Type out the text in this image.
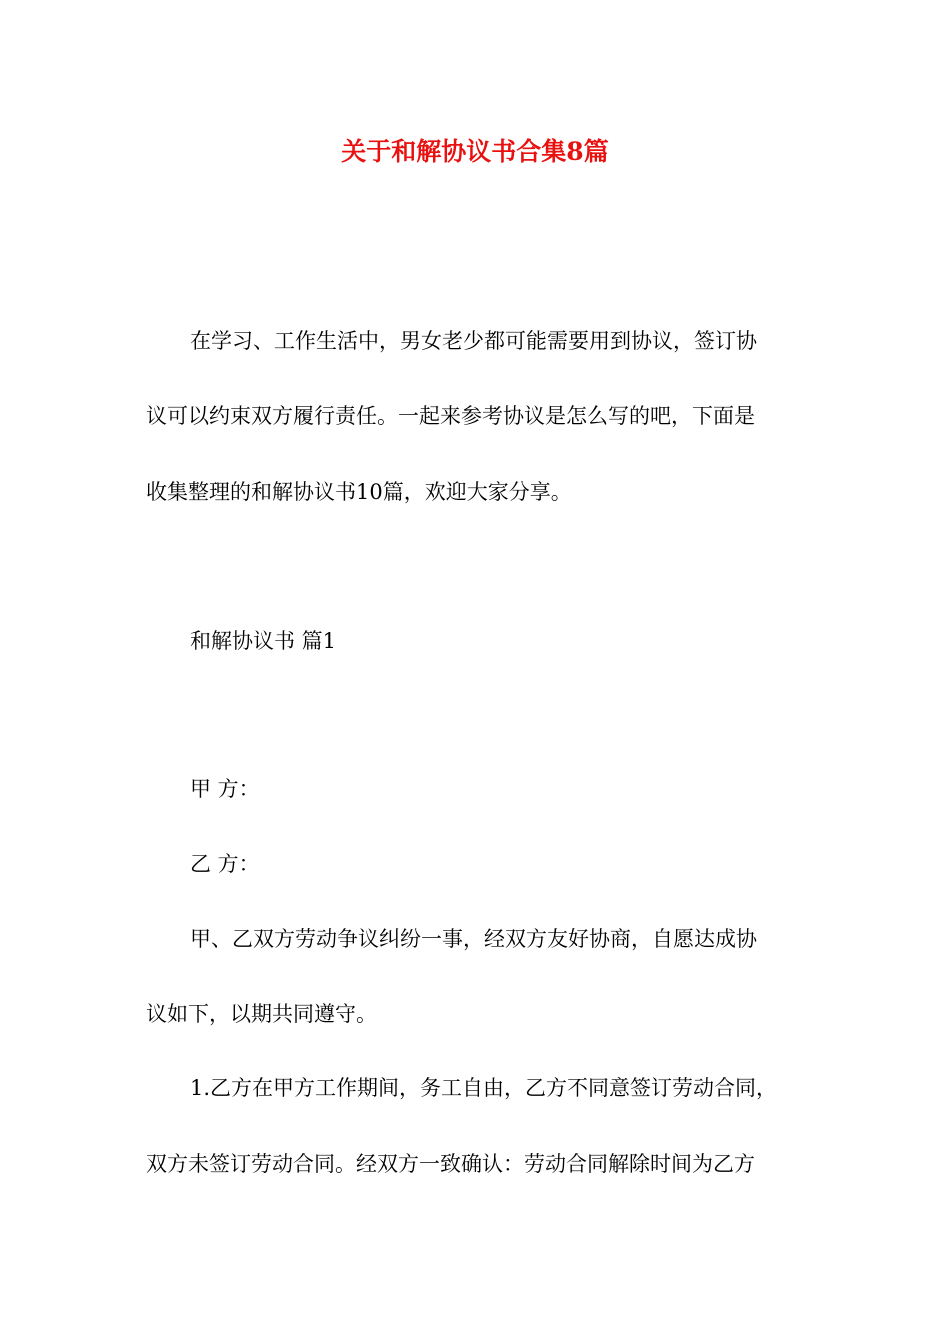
关于和解协议书合集8篇
在学习、工作生活中，男女老少都可能需要用到协议，签订协
议可以约束双方履行责任。一起来参考协议是怎么写的吧，下面是
收集整理的和解协议书10篇，欢迎大家分享。
和解协议书 篇1
甲 方：
乙 方：
甲、乙双方劳动争议纠纷一事，经双方友好协商，自愿达成协
议如下，以期共同遵守。
1.乙方在甲方工作期间，务工自由，乙方不同意签订劳动合同，
双方未签订劳动合同。经双方一致确认：劳动合同解除时间为乙方
